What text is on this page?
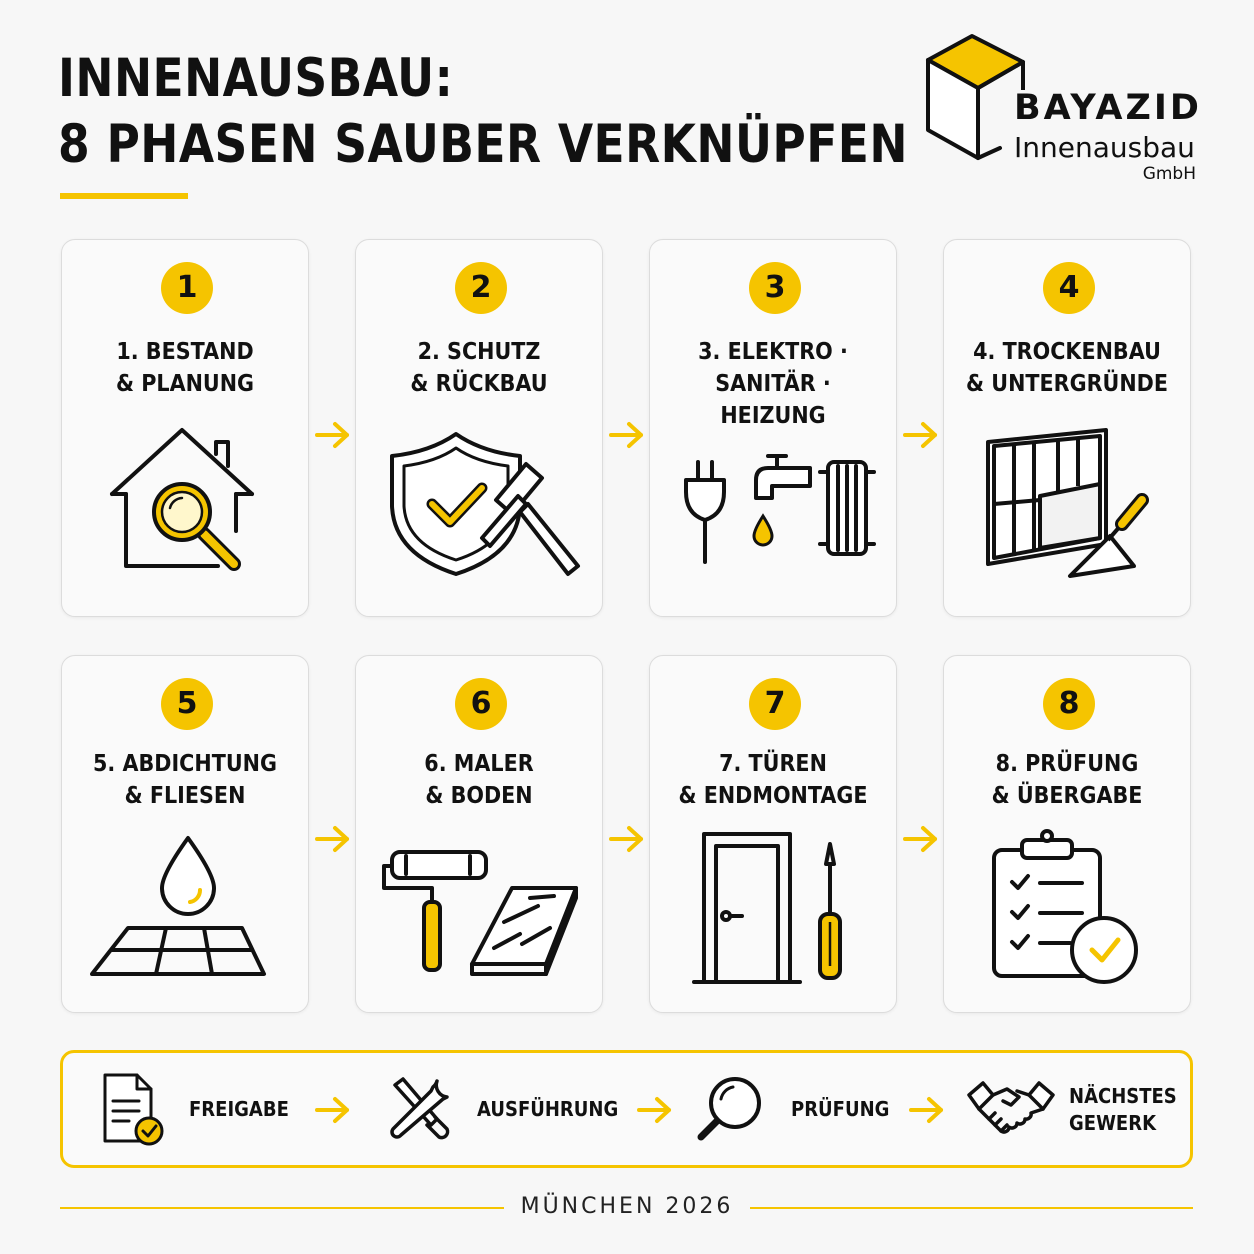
INNENAUSBAU:
8 PHASEN SAUBER VERKNÜPFEN
BAYAZID
Innenausbau
GmbH
1
1. BESTAND
& PLANUNG
2
2. SCHUTZ
& RÜCKBAU
3
3. ELEKTRO ·
SANITÄR ·
HEIZUNG
4
4. TROCKENBAU
& UNTERGRÜNDE
5
5. ABDICHTUNG
& FLIESEN
6
6. MALER
& BODEN
7
7. TÜREN
& ENDMONTAGE
8
8. PRÜFUNG
& ÜBERGABE
FREIGABE	AUSFÜHRUNG	PRÜFUNG
NÄCHSTES
GEWERK
MÜNCHEN 2026
